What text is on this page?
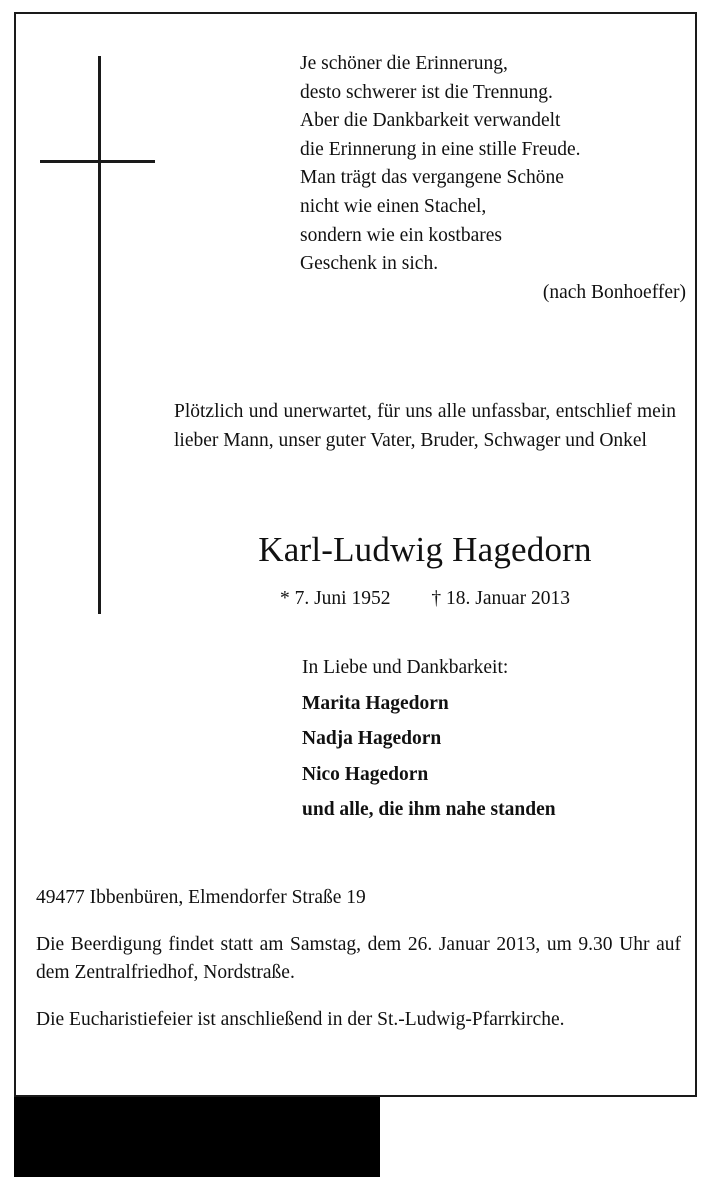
Je schöner die Erinnerung,
desto schwerer ist die Trennung.
Aber die Dankbarkeit verwandelt
die Erinnerung in eine stille Freude.
Man trägt das vergangene Schöne
nicht wie einen Stachel,
sondern wie ein kostbares
Geschenk in sich.
(nach Bonhoeffer)
Plötzlich und unerwartet, für uns alle unfassbar, entschlief mein lieber Mann, unser guter Vater, Bruder, Schwager und Onkel
Karl-Ludwig Hagedorn
* 7. Juni 1952 † 18. Januar 2013
In Liebe und Dankbarkeit:
Marita Hagedorn
Nadja Hagedorn
Nico Hagedorn
und alle, die ihm nahe standen

49477 Ibbenbüren, Elmendorfer Straße 19

Die Beerdigung findet statt am Samstag, dem 26. Januar 2013, um 9.30 Uhr auf dem Zentralfriedhof, Nordstraße.

Die Eucharistiefeier ist anschließend in der St.-Ludwig-Pfarrkirche.
